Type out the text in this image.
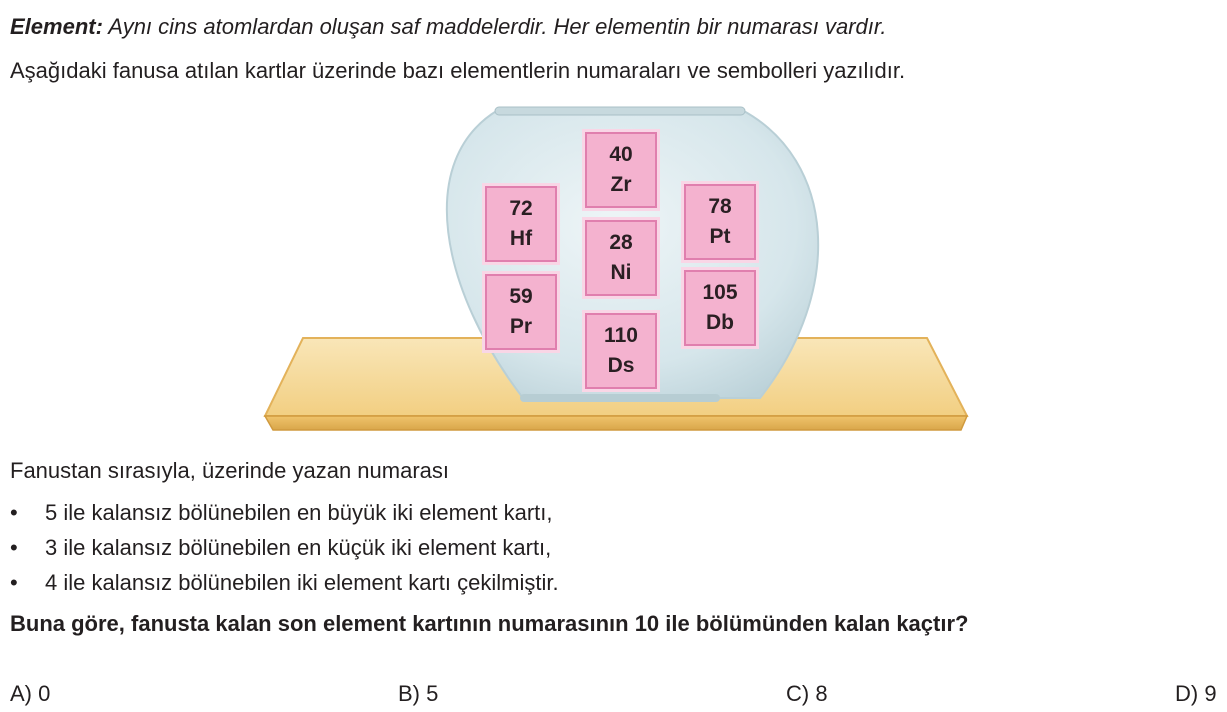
Element: Aynı cins atomlardan oluşan saf maddelerdir. Her elementin bir numarası vardır.
Aşağıdaki fanusa atılan kartlar üzerinde bazı elementlerin numaraları ve sembolleri yazılıdır.
40
Zr
72
Hf	28
Ni
78
Pt
59
Pr
105
Db
110
Ds
Fanustan sırasıyla, üzerinde yazan numarası
• 5 ile kalansız bölünebilen en büyük iki element kartı,
• 3 ile kalansız bölünebilen en küçük iki element kartı,
• 4 ile kalansız bölünebilen iki element kartı çekilmiştir.
Buna göre, fanusta kalan son element kartının numarasının 10 ile bölümünden kalan kaçtır?
A) 0	B) 5	C) 8	D) 9
